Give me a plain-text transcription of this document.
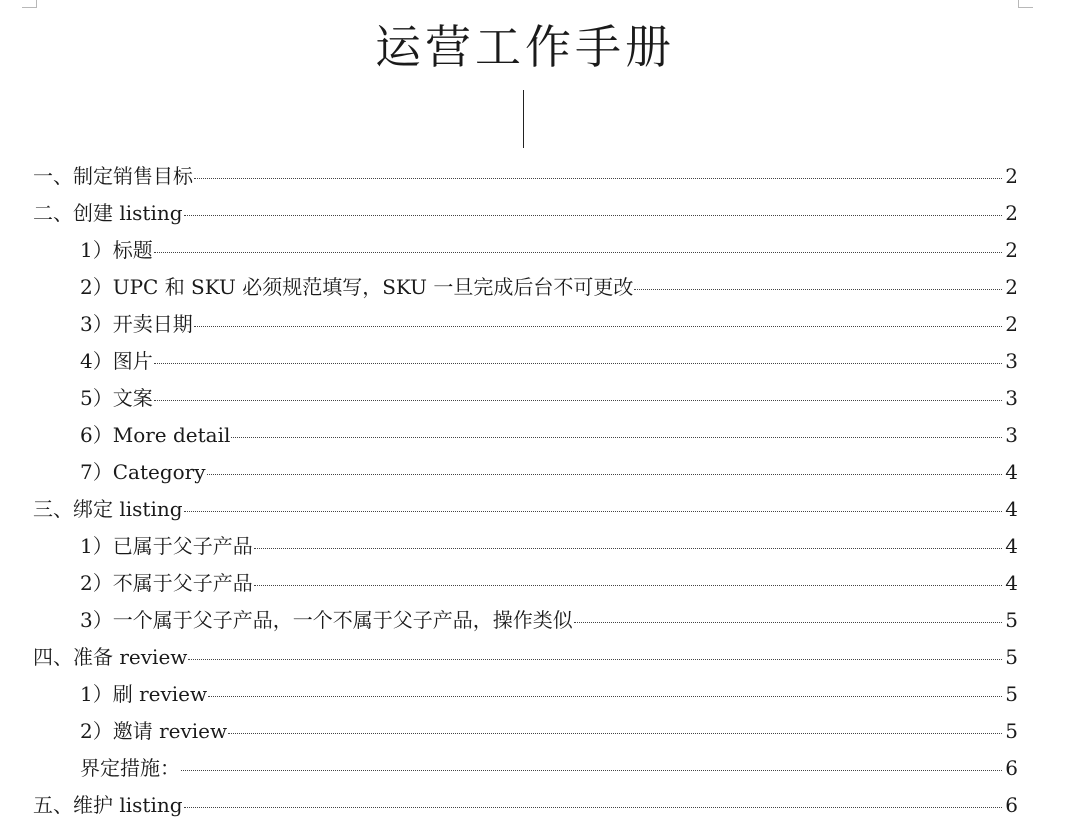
运营工作手册
一、制定销售目标	2
二、创建 listing	2
1）标题	2
2）UPC 和 SKU 必须规范填写，SKU 一旦完成后台不可更改	2
3）开卖日期	2
4）图片	3
5）文案	3
6）More detail	3
7）Category	4
三、绑定 listing	4
1）已属于父子产品	4
2）不属于父子产品	4
3）一个属于父子产品，一个不属于父子产品，操作类似	5
四、准备 review	5
1）刷 review	5
2）邀请 review	5
界定措施：	6
五、维护 listing	6
